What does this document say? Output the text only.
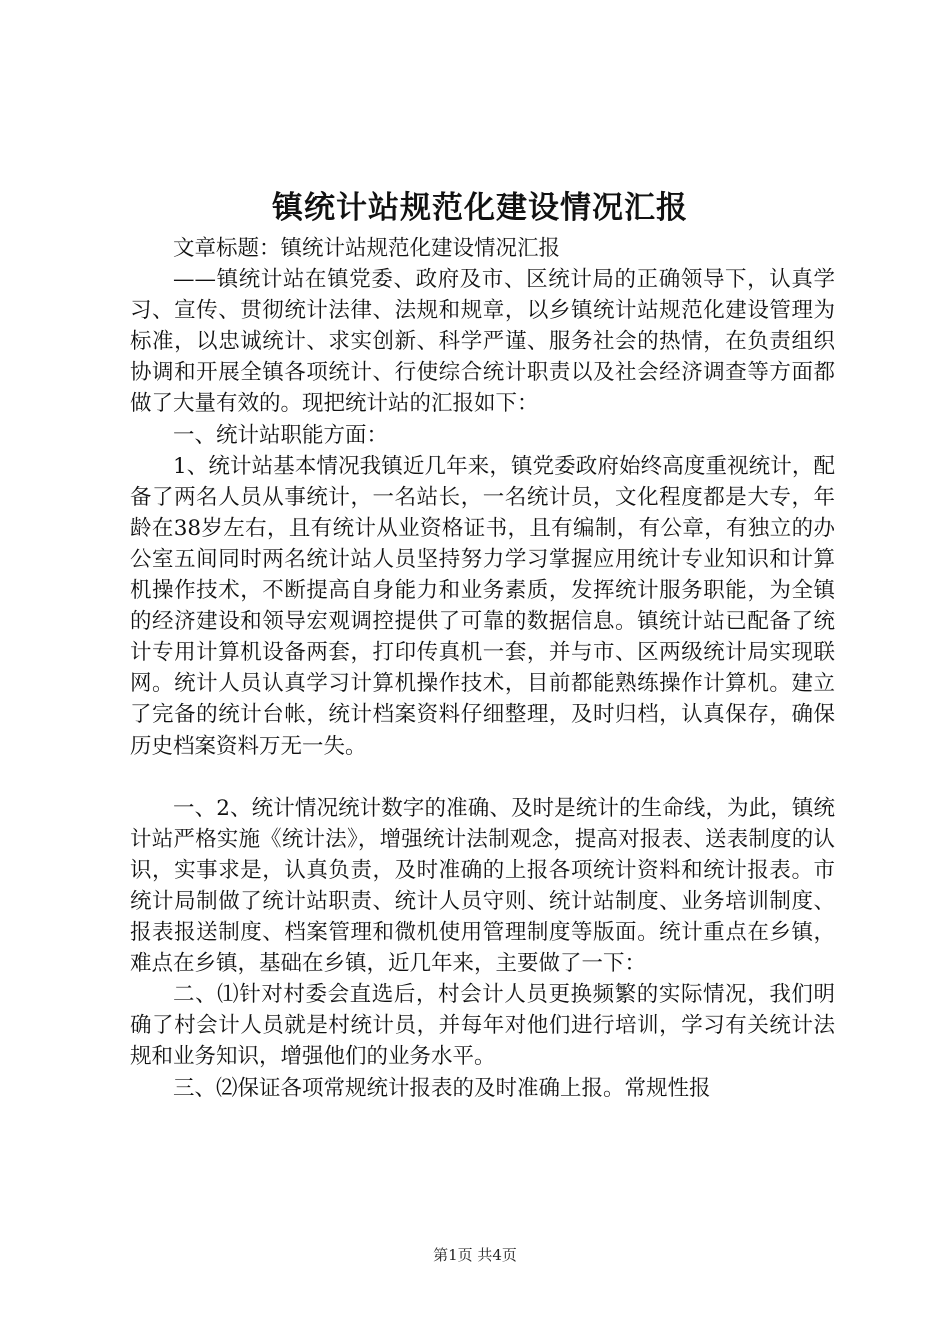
镇统计站规范化建设情况汇报

文章标题：镇统计站规范化建设情况汇报

——镇统计站在镇党委、政府及市、区统计局的正确领导下，认真学习、宣传、贯彻统计法律、法规和规章，以乡镇统计站规范化建设管理为标准，以忠诚统计、求实创新、科学严谨、服务社会的热情，在负责组织协调和开展全镇各项统计、行使综合统计职责以及社会经济调查等方面都做了大量有效的。现把统计站的汇报如下：

一、统计站职能方面：

1、统计站基本情况我镇近几年来，镇党委政府始终高度重视统计，配备了两名人员从事统计，一名站长，一名统计员，文化程度都是大专，年龄在38岁左右，且有统计从业资格证书，且有编制，有公章，有独立的办公室五间同时两名统计站人员坚持努力学习掌握应用统计专业知识和计算机操作技术，不断提高自身能力和业务素质，发挥统计服务职能，为全镇的经济建设和领导宏观调控提供了可靠的数据信息。镇统计站已配备了统计专用计算机设备两套，打印传真机一套，并与市、区两级统计局实现联网。统计人员认真学习计算机操作技术，目前都能熟练操作计算机。建立了完备的统计台帐，统计档案资料仔细整理，及时归档，认真保存，确保历史档案资料万无一失。

一、2、统计情况统计数字的准确、及时是统计的生命线，为此，镇统计站严格实施《统计法》，增强统计法制观念，提高对报表、送表制度的认识，实事求是，认真负责，及时准确的上报各项统计资料和统计报表。市统计局制做了统计站职责、统计人员守则、统计站制度、业务培训制度、报表报送制度、档案管理和微机使用管理制度等版面。统计重点在乡镇，难点在乡镇，基础在乡镇，近几年来，主要做了一下：

二、⑴针对村委会直选后，村会计人员更换频繁的实际情况，我们明确了村会计人员就是村统计员，并每年对他们进行培训，学习有关统计法规和业务知识，增强他们的业务水平。

三、⑵保证各项常规统计报表的及时准确上报。常规性报

第1页 共4页
